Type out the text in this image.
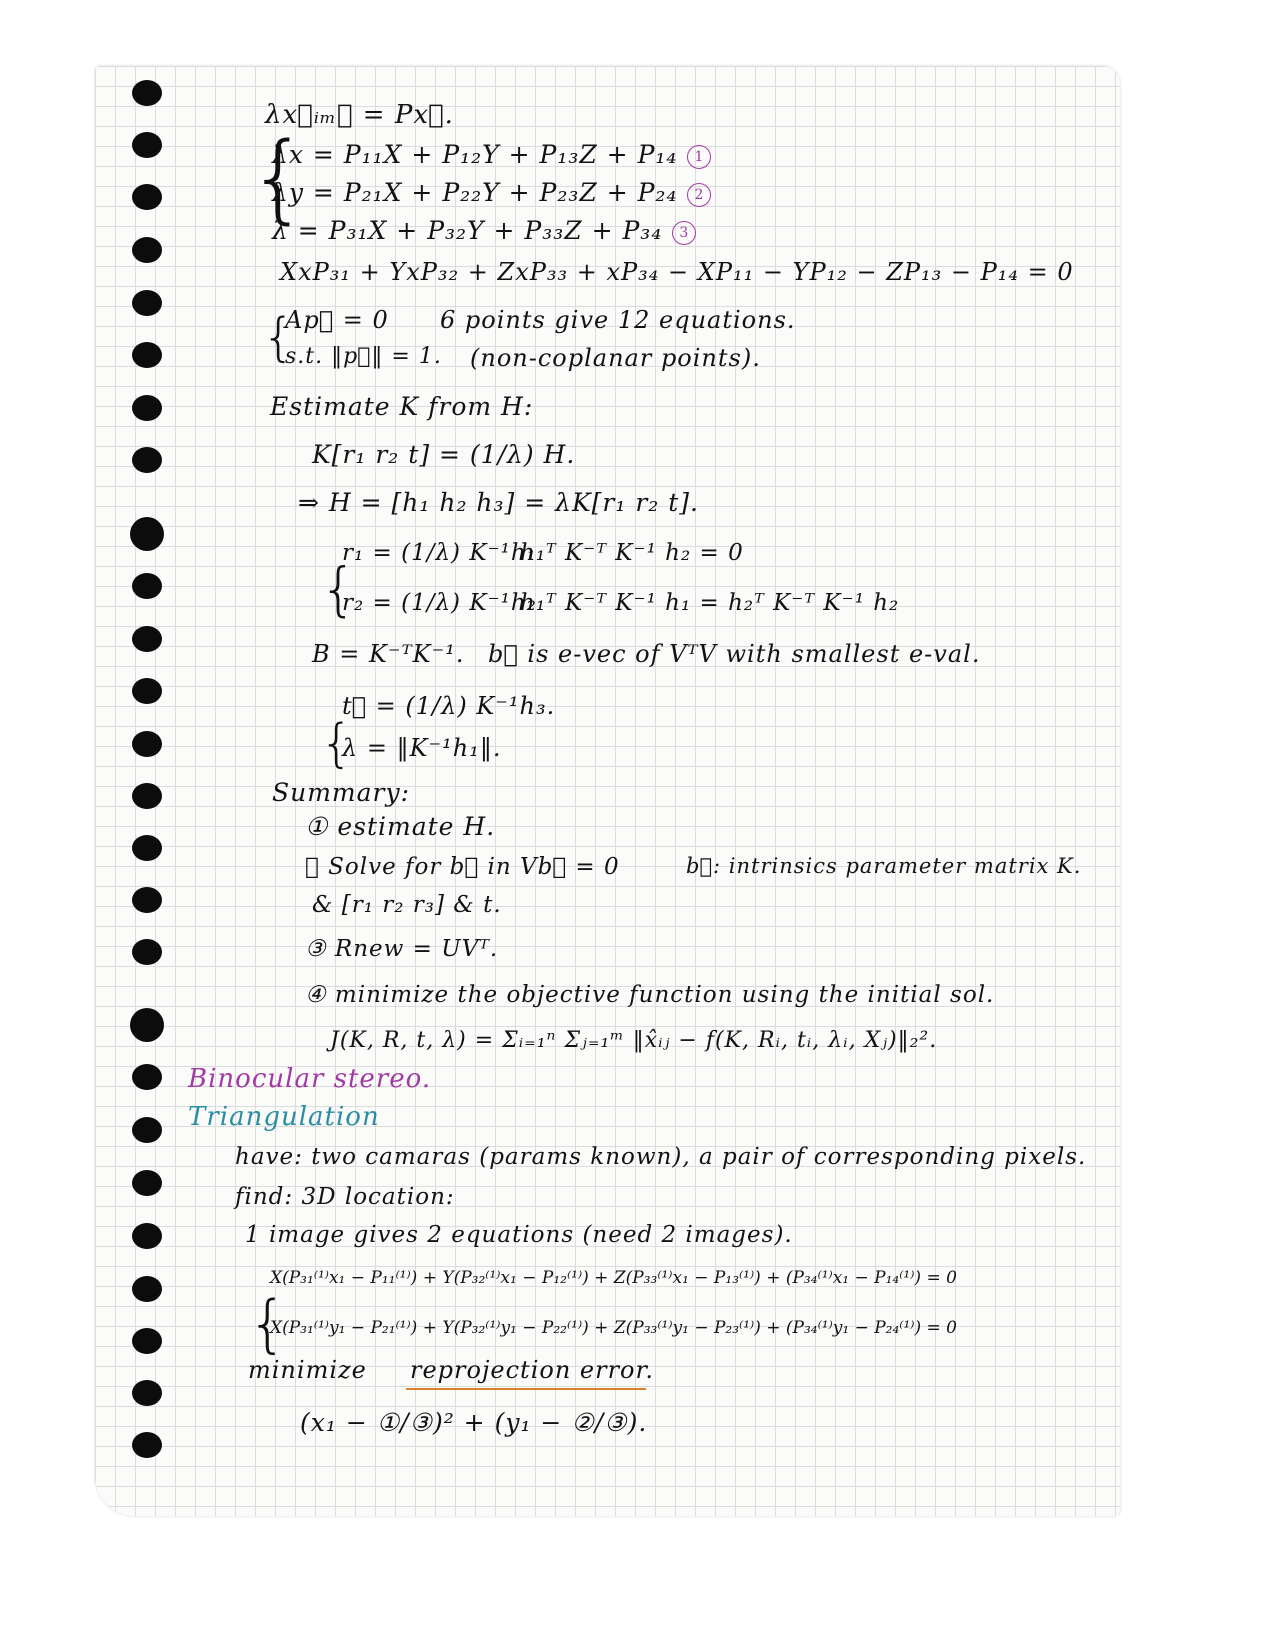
{
{
{
{
{

λx⃗ᵢₘ𝓰 = Px⃗.

λx = P₁₁X + P₁₂Y + P₁₃Z + P₁₄ 1

λy = P₂₁X + P₂₂Y + P₂₃Z + P₂₄ 2

λ = P₃₁X + P₃₂Y + P₃₃Z + P₃₄ 3

XxP₃₁ + YxP₃₂ + ZxP₃₃ + xP₃₄ − XP₁₁ − YP₁₂ − ZP₁₃ − P₁₄ = 0

Ap⃗ = 0 6 points give 12 equations.

s.t. ‖p⃗‖ = 1. (non-coplanar points).

Estimate K from H:

K[r₁ r₂ t] = (1/λ) H.

⇒ H = [h₁ h₂ h₃] = λK[r₁ r₂ t].

r₁ = (1/λ) K⁻¹h₁

h₁ᵀ K⁻ᵀ K⁻¹ h₂ = 0

r₂ = (1/λ) K⁻¹h₂

h₁ᵀ K⁻ᵀ K⁻¹ h₁ = h₂ᵀ K⁻ᵀ K⁻¹ h₂

B = K⁻ᵀK⁻¹. b⃗ is e-vec of VᵀV with smallest e-val.

t⃗ = (1/λ) K⁻¹h₃.

λ = ‖K⁻¹h₁‖.

Summary:

① estimate H.

② Solve for b⃗ in Vb⃗ = 0	b⃗: intrinsics parameter matrix K.

& [r₁ r₂ r₃] & t.

③ Rnew = UVᵀ.

④ minimize the objective function using the initial sol.

J(K, R, t, λ) = Σᵢ₌₁ⁿ Σⱼ₌₁ᵐ ‖x̂ᵢⱼ − f(K, Rᵢ, tᵢ, λᵢ, Xⱼ)‖₂².

Binocular stereo.

Triangulation

have: two camaras (params known), a pair of corresponding pixels.

find: 3D location:

1 image gives 2 equations (need 2 images).

X(P₃₁⁽¹⁾x₁ − P₁₁⁽¹⁾) + Y(P₃₂⁽¹⁾x₁ − P₁₂⁽¹⁾) + Z(P₃₃⁽¹⁾x₁ − P₁₃⁽¹⁾) + (P₃₄⁽¹⁾x₁ − P₁₄⁽¹⁾) = 0

X(P₃₁⁽¹⁾y₁ − P₂₁⁽¹⁾) + Y(P₃₂⁽¹⁾y₁ − P₂₂⁽¹⁾) + Z(P₃₃⁽¹⁾y₁ − P₂₃⁽¹⁾) + (P₃₄⁽¹⁾y₁ − P₂₄⁽¹⁾) = 0

minimize reprojection error.

(x₁ − ①/③)² + (y₁ − ②/③).
